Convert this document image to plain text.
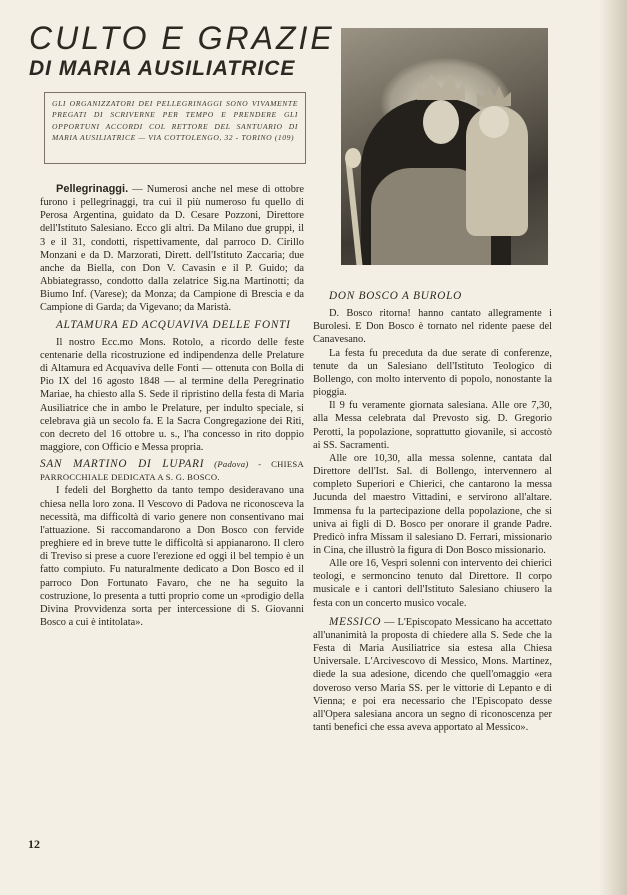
CULTO E GRAZIE
DI MARIA AUSILIATRICE
GLI ORGANIZZATORI DEI PELLEGRINAGGI SONO VIVAMENTE PREGATI DI SCRIVERNE PER TEMPO E PRENDERE GLI OPPORTUNI ACCORDI COL RETTORE DEL SANTUARIO DI MARIA AUSILIATRICE — VIA COTTOLENGO, 32 - TORINO (109)

Pellegrinaggi. — Numerosi anche nel mese di ottobre furono i pellegrinaggi, tra cui il più numeroso fu quello di Perosa Argentina, guidato da D. Cesare Pozzoni, Direttore dell'Istituto Salesiano. Ecco gli altri. Da Milano due gruppi, il 3 e il 31, condotti, rispettivamente, dal parroco D. Cirillo Monzani e da D. Marzorati, Dirett. dell'Istituto Zaccaria; due anche da Biella, con Don V. Cavasin e il P. Guido; da Abbiategrasso, condotto dalla zelatrice Sig.na Martinotti; da Biumo Inf. (Varese); da Monza; da Campione di Brescia e da Campione di Garda; da Vigevano; da Maristà.

ALTAMURA ED ACQUAVIVA DELLE FONTI

Il nostro Ecc.mo Mons. Rotolo, a ricordo delle feste centenarie della ricostruzione ed indipendenza delle Prelature di Altamura ed Acquaviva delle Fonti — ottenuta con Bolla di Pio IX del 16 agosto 1848 — al termine della Peregrinatio Mariae, ha chiesto alla S. Sede il ripristino della festa di Maria Ausiliatrice che in ambo le Prelature, per indulto speciale, si celebrava già un secolo fa. E la Sacra Congregazione dei Riti, con decreto del 16 ottobre u. s., l'ha concesso in rito doppio maggiore, con Officio e Messa propria.

SAN MARTINO DI LUPARI (Padova) - CHIESA PARROCCHIALE DEDICATA A S. G. BOSCO.

I fedeli del Borghetto da tanto tempo desideravano una chiesa nella loro zona. Il Vescovo di Padova ne riconosceva la necessità, ma difficoltà di vario genere non consentivano mai l'attuazione. Si raccomandarono a Don Bosco con fervide preghiere ed in breve tutte le difficoltà si appianarono. Il clero di Treviso si prese a cuore l'erezione ed oggi il bel tempio è un fatto compiuto. Fu naturalmente dedicato a Don Bosco ed il parroco Don Fortunato Favaro, che ne ha seguito la costruzione, lo presenta a tutti proprio come un «prodigio della Divina Provvidenza sorta per intercessione di S. Giovanni Bosco a cui è intitolata».

DON BOSCO A BUROLO

D. Bosco ritorna! hanno cantato allegramente i Burolesi. E Don Bosco è tornato nel ridente paese del Canavesano.

La festa fu preceduta da due serate di conferenze, tenute da un Salesiano dell'Istituto Teologico di Bollengo, con molto intervento di popolo, nonostante la pioggia.

Il 9 fu veramente giornata salesiana. Alle ore 7,30, alla Messa celebrata dal Prevosto sig. D. Gregorio Perotti, la popolazione, soprattutto giovanile, si accostò ai SS. Sacramenti.

Alle ore 10,30, alla messa solenne, cantata dal Direttore dell'Ist. Sal. di Bollengo, intervennero al completo Superiori e Chierici, che cantarono la messa Jucunda del maestro Vittadini, e servirono all'altare. Immensa fu la partecipazione della popolazione, che si univa ai figli di D. Bosco per onorare il grande Padre. Predicò infra Missam il salesiano D. Ferrari, missionario in Cina, che illustrò la figura di Don Bosco missionario.

Alle ore 16, Vespri solenni con intervento dei chierici teologi, e sermoncino tenuto dal Direttore. Il corpo musicale e i cantori dell'Istituto Salesiano chiusero la festa con un concerto musico vocale.

MESSICO — L'Episcopato Messicano ha accettato all'unanimità la proposta di chiedere alla S. Sede che la Festa di Maria Ausiliatrice sia estesa alla Chiesa Universale. L'Arcivescovo di Messico, Mons. Martinez, diede la sua adesione, dicendo che quell'omaggio «era doveroso verso Maria SS. per le vittorie di Lepanto e di Vienna; e poi era necessario che l'Episcopato desse all'Opera salesiana ancora un segno di riconoscenza per tanti benefici che essa aveva apportato al Messico».

12
